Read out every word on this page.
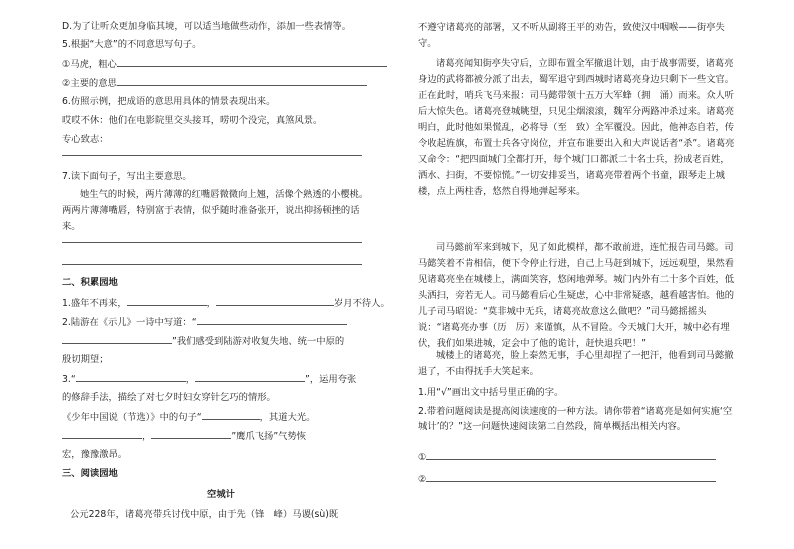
D.为了让听众更加身临其境，可以适当地做些动作，添加一些表情等。
5.根据“大意”的不同意思写句子。
①马虎，粗心
②主要的意思
6.仿照示例，把成语的意思用具体的情景表现出来。
哎哎不休：他们在电影院里交头接耳，唠叨个没完，真煞风景。
专心致志：
7.读下面句子，写出主要意思。
她生气的时候，两片薄薄的红嘴唇微微向上翘，活像个熟透的小樱桃。两两片薄薄嘴唇，特别富于表情，似乎随时准备张开，说出抑扬顿挫的话来。
二、积累园地
1.盛年不再来，	，	岁月不待人。
2.陆游在《示儿》一诗中写道：“
”我们感受到陆游对收复失地、统一中原的
殷切期望；
3.“	，	”，运用夸张
的修辞手法，描绘了对七夕时妇女穿针乞巧的情形。
《少年中国说（节选）》中的句子“	，其道大光。
，	”鹰爪飞扬”气势恢
宏，豫豫激昂。
三、阅读园地
空城计
公元228年，诸葛亮带兵讨伐中原，由于先（锋　峰）马谡(sù)既
不遵守诸葛亮的部署，又不听从副将王平的劝告，致使汉中咽喉——街亭失守。
诸葛亮闻知街亭失守后，立即布置全军撤退计划，由于战事需要，诸葛亮身边的武将都被分派了出去，蜀军退守到西城时诸葛亮身边只剩下一些文官。正在此时，哨兵飞马来报：司马懿带领十五万大军蜂（拥　涌）而来。众人听后大惊失色。诸葛亮登城眺望，只见尘烟滚滚，魏军分两路冲杀过来。诸葛亮明白，此时他如果慌乱，必将导（至　致）全军覆没。因此，他神态自若，传令收起旌旗，布置士兵各守岗位，并宣布谁要出入和大声说话者“杀”。诸葛亮又命令：“把四面城门全都打开，每个城门口都派二十名士兵，扮成老百姓，洒水、扫街，不要惊慌。”一切安排妥当，诸葛亮带着两个书童，跟琴走上城楼，点上两柱香，悠然自得地弹起琴来。
司马懿前军来到城下，见了如此模样，都不敢前进，连忙报告司马懿。司马懿笑着不肯相信，便下令停止行进，自己上马赶到城下，远远观望，果然看见诸葛亮坐在城楼上，满面笑容，悠闲地弹琴。城门内外有二十多个百姓，低头洒扫，旁若无人。司马懿看后心生疑虑，心中非常疑惑，越看越害怕。他的儿子司马昭说：“莫非城中无兵，诸葛亮故意这么做吧？”司马懿摇摇头说：“诸葛亮办事（历　厉）来谨慎，从不冒险。今天城门大开，城中必有埋伏，我们如果进城，定会中了他的诡计，赶快退兵吧！”
城楼上的诸葛亮，脸上泰然无事，手心里却捏了一把汗，他看到司马懿撤退了，不由得抚手大笑起来。
1.用“√”画出文中括号里正确的字。
2.带着问题阅读是提高阅读速度的一种方法。请你带着“诸葛亮是如何实施‘空城计’的？”这一问题快速阅读第二自然段，简单概括出相关内容。
①
②
